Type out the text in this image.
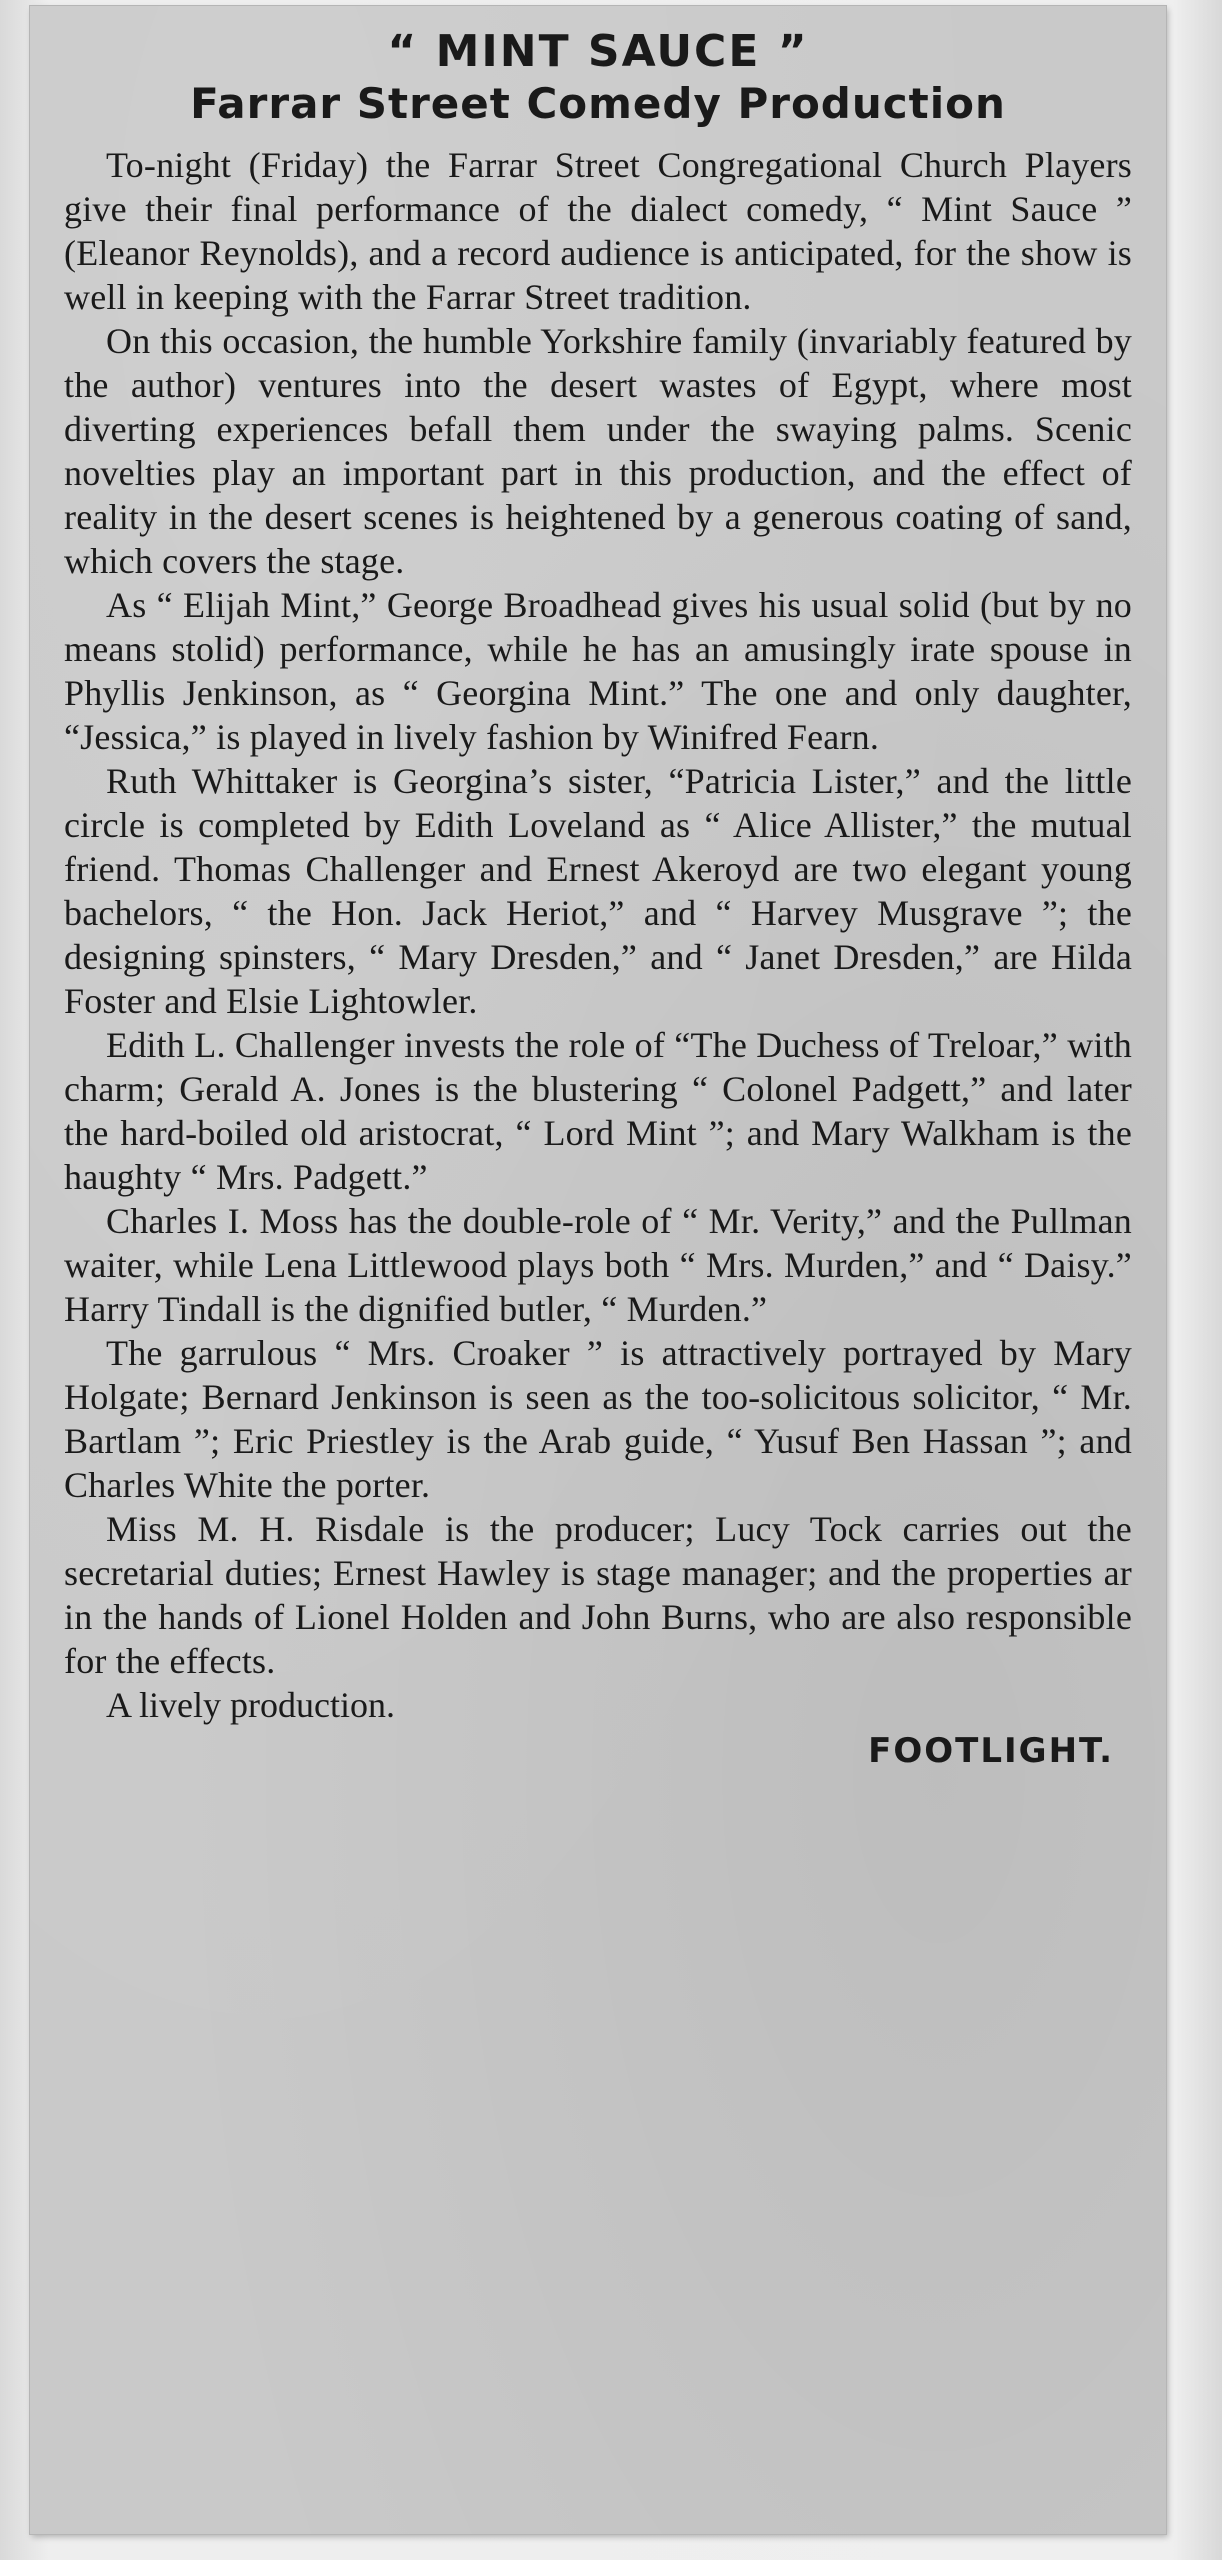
“ MINT SAUCE ”
Farrar Street Comedy Production

To-night (Friday) the Farrar Street Congregational Church Players give their final performance of the dialect comedy, “ Mint Sauce ” (Eleanor Reynolds), and a record audience is anticipated, for the show is well in keeping with the Farrar Street tradition.

On this occasion, the humble Yorkshire family (invariably featured by the author) ventures into the desert wastes of Egypt, where most diverting experiences befall them under the swaying palms. Scenic novelties play an important part in this production, and the effect of reality in the desert scenes is heightened by a generous coating of sand, which covers the stage.

As “ Elijah Mint,” George Broadhead gives his usual solid (but by no means stolid) performance, while he has an amusingly irate spouse in Phyllis Jenkinson, as “ Georgina Mint.” The one and only daughter, “Jessica,” is played in lively fashion by Winifred Fearn.

Ruth Whittaker is Georgina’s sister, “Patricia Lister,” and the little circle is completed by Edith Loveland as “ Alice Allister,” the mutual friend. Thomas Challenger and Ernest Akeroyd are two elegant young bachelors, “ the Hon. Jack Heriot,” and “ Harvey Musgrave ”; the designing spinsters, “ Mary Dresden,” and “ Janet Dresden,” are Hilda Foster and Elsie Lightowler.

Edith L. Challenger invests the role of “The Duchess of Treloar,” with charm; Gerald A. Jones is the blustering “ Colonel Padgett,” and later the hard-boiled old aristocrat, “ Lord Mint ”; and Mary Walkham is the haughty “ Mrs. Padgett.”

Charles I. Moss has the double-role of “ Mr. Verity,” and the Pullman waiter, while Lena Littlewood plays both “ Mrs. Murden,” and “ Daisy.” Harry Tindall is the dignified butler, “ Murden.”

The garrulous “ Mrs. Croaker ” is attractively portrayed by Mary Holgate; Bernard Jenkinson is seen as the too-solicitous solicitor, “ Mr. Bartlam ”; Eric Priestley is the Arab guide, “ Yusuf Ben Hassan ”; and Charles White the porter.

Miss M. H. Risdale is the producer; Lucy Tock carries out the secretarial duties; Ernest Hawley is stage manager; and the properties ar in the hands of Lionel Holden and John Burns, who are also responsible for the effects.

A lively production.

FOOTLIGHT.
